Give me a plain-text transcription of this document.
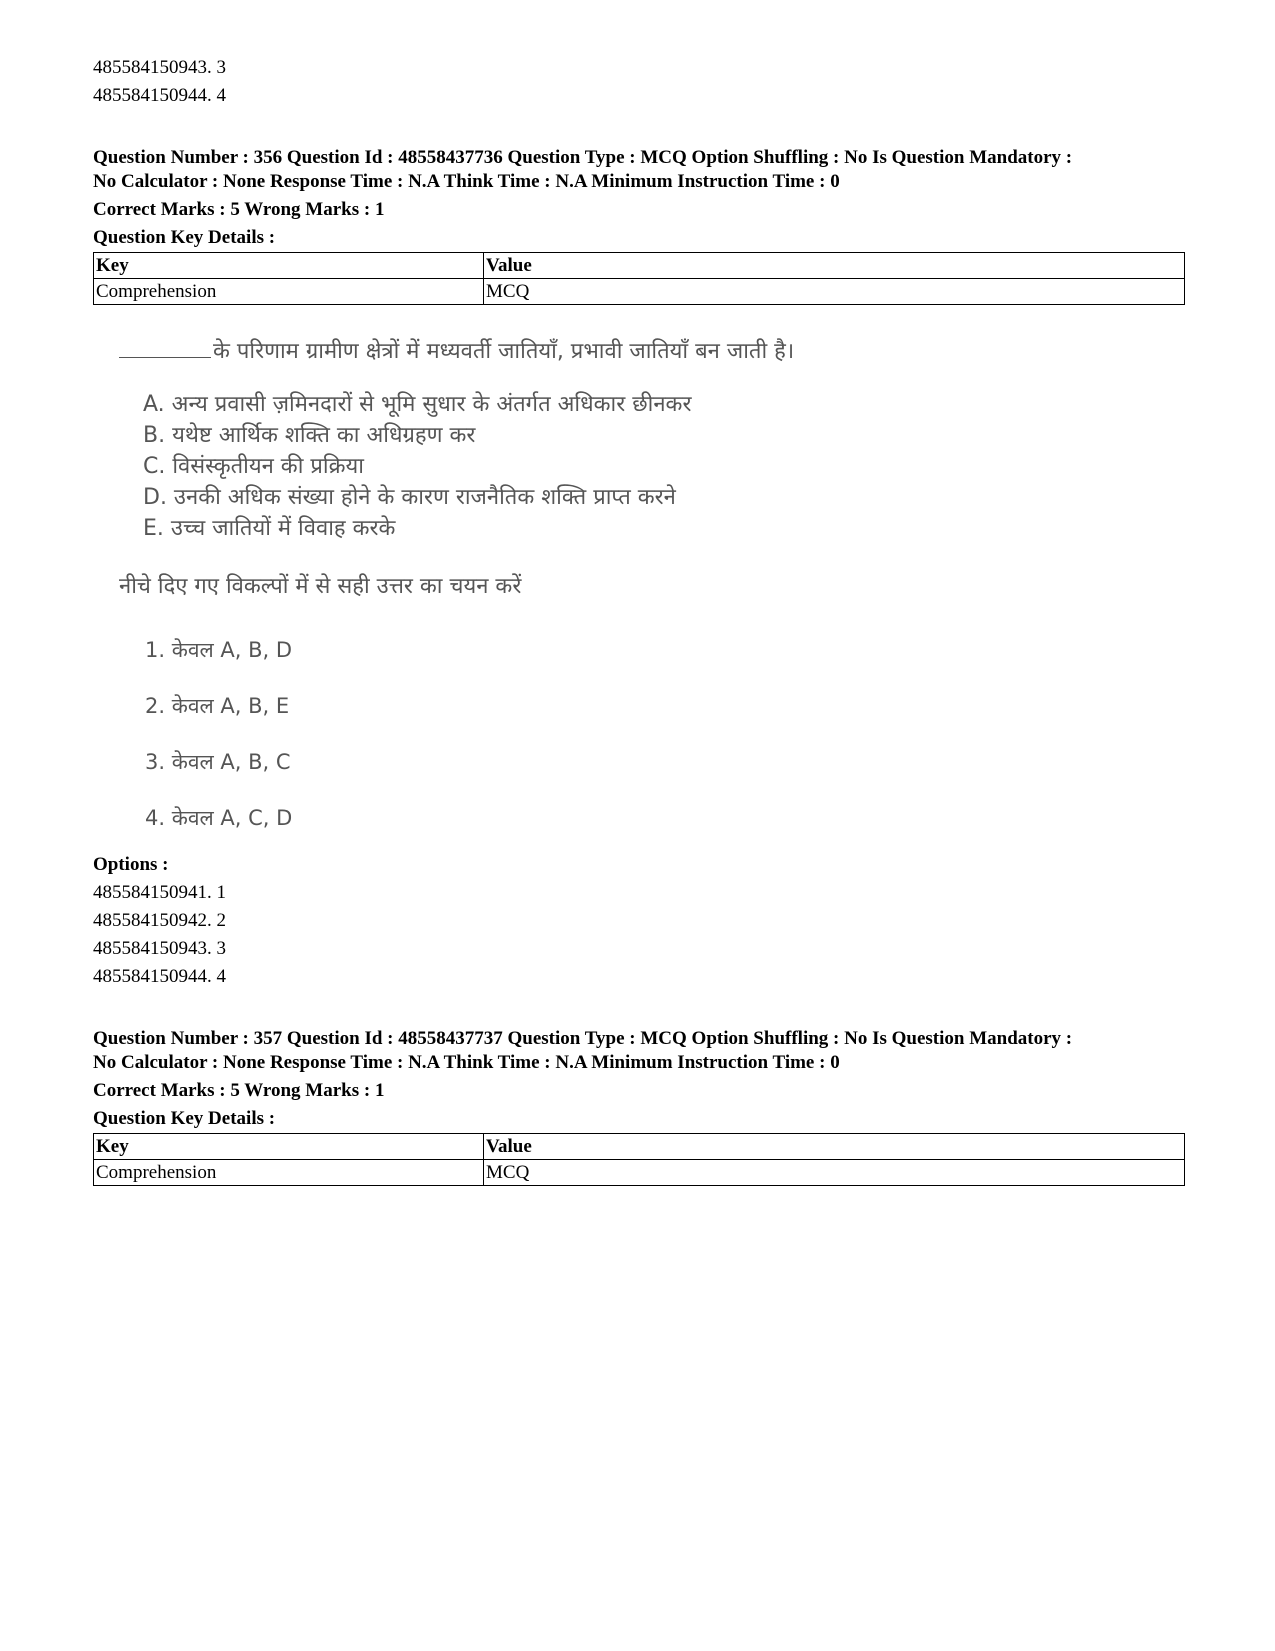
485584150943. 3

485584150944. 4

Question Number : 356 Question Id : 48558437736 Question Type : MCQ Option Shuffling : No Is Question Mandatory :

No Calculator : None Response Time : N.A Think Time : N.A Minimum Instruction Time : 0

Correct Marks : 5 Wrong Marks : 1

Question Key Details :

Key	Value
Comprehension	MCQ
के परिणाम ग्रामीण क्षेत्रों में मध्यवर्ती जातियाँ, प्रभावी जातियाँ बन जाती है।
A. अन्य प्रवासी ज़मिनदारों से भूमि सुधार के अंतर्गत अधिकार छीनकर
B. यथेष्ट आर्थिक शक्ति का अधिग्रहण कर
C. विसंस्कृतीयन की प्रक्रिया
D. उनकी अधिक संख्या होने के कारण राजनैतिक शक्ति प्राप्त करने
E. उच्च जातियों में विवाह करके
नीचे दिए गए विकल्पों में से सही उत्तर का चयन करें
1. केवल A, B, D
2. केवल A, B, E
3. केवल A, B, C
4. केवल A, C, D

Options :

485584150941. 1

485584150942. 2

485584150943. 3

485584150944. 4

Question Number : 357 Question Id : 48558437737 Question Type : MCQ Option Shuffling : No Is Question Mandatory :

No Calculator : None Response Time : N.A Think Time : N.A Minimum Instruction Time : 0

Correct Marks : 5 Wrong Marks : 1

Question Key Details :

Key	Value
Comprehension	MCQ
